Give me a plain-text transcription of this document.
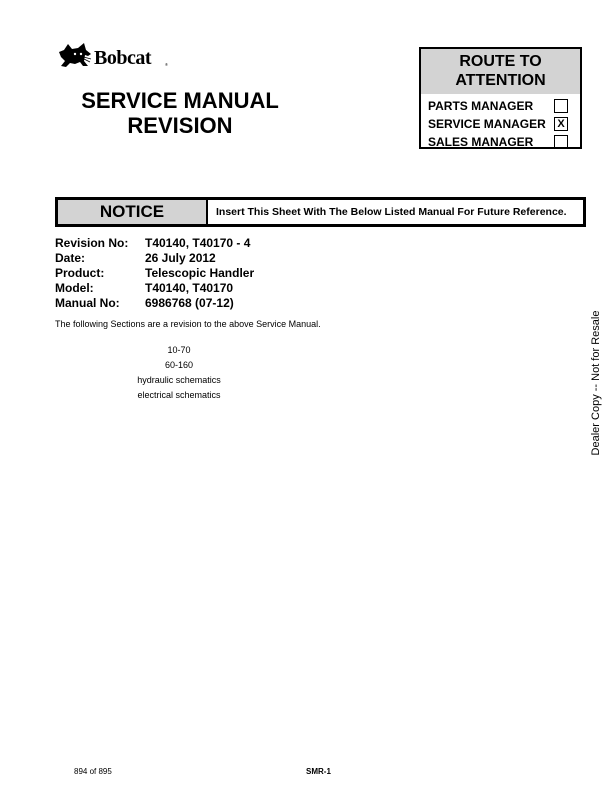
Bobcat	®
SERVICE MANUAL
REVISION
ROUTE TO
ATTENTION
PARTS MANAGER
SERVICE MANAGER	X
SALES MANAGER
NOTICE	Insert This Sheet With The Below Listed Manual For Future Reference.
Revision No:	T40140, T40170 - 4
Date:	26 July 2012
Product:	Telescopic Handler
Model:	T40140, T40170
Manual No:	6986768 (07-12)
The following Sections are a revision to the above Service Manual.
10-70
60-160
hydraulic schematics
electrical schematics	Dealer Copy -- Not for Resale
894 of 895	SMR-1
